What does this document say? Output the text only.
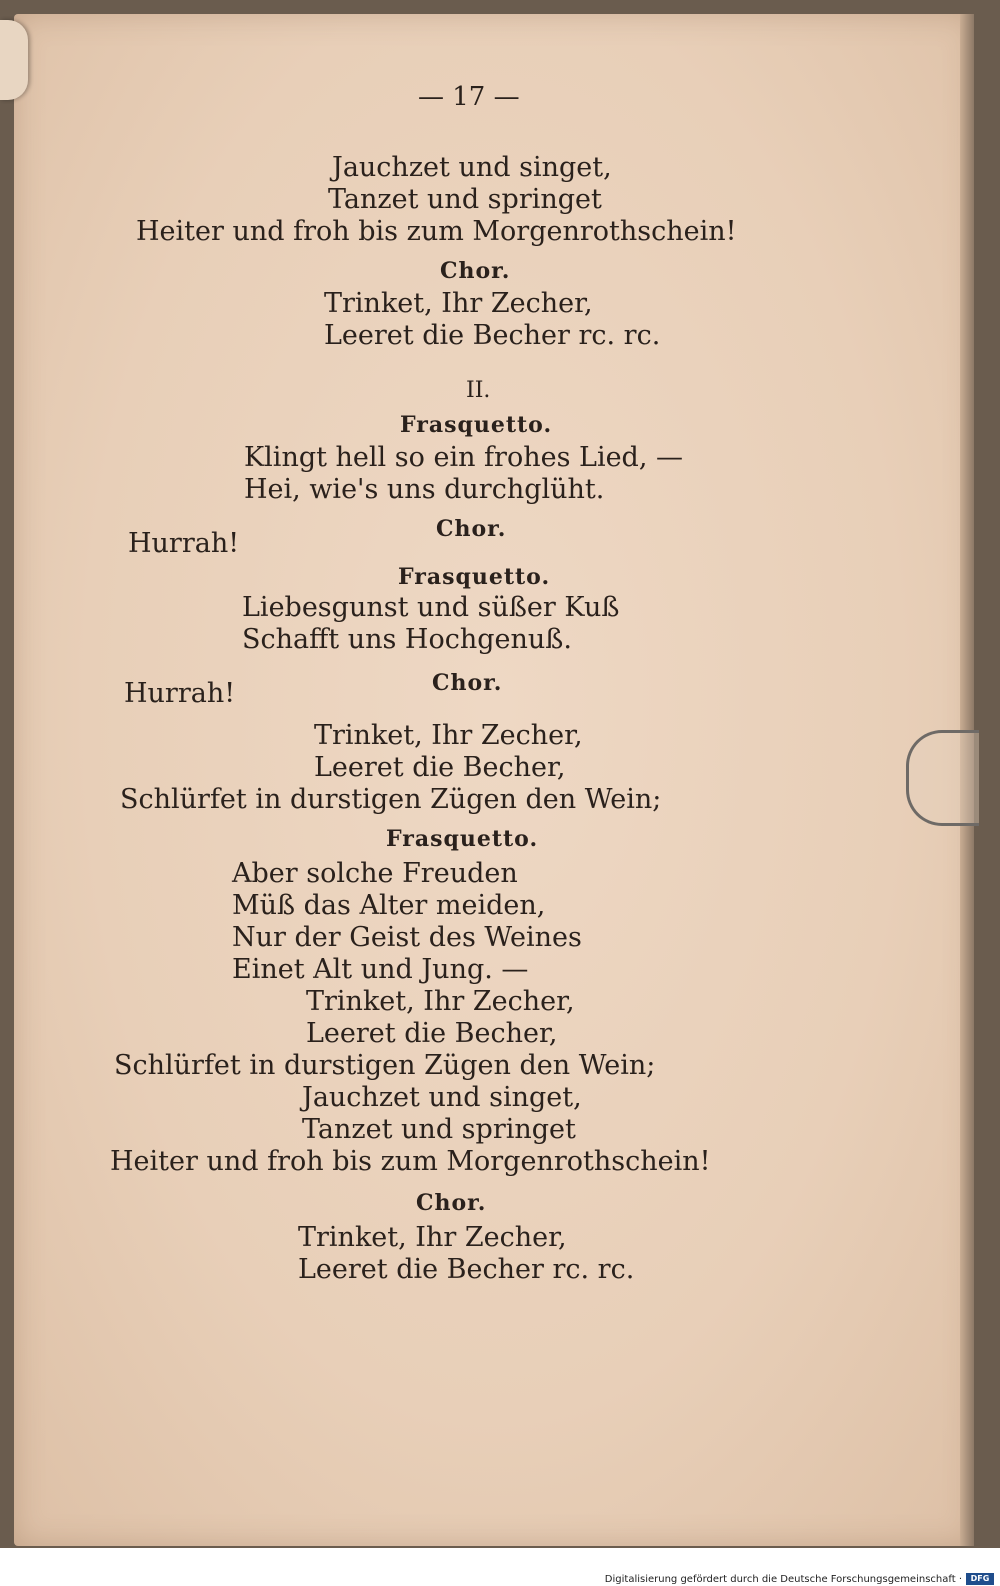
— 17 —
Jauchzet und singet,
Tanzet und springet
Heiter und froh bis zum Morgenrothschein!
Chor.
Trinket, Ihr Zecher,
Leeret die Becher rc. rc.
II.
Frasquetto.
Klingt hell so ein frohes Lied, —
Hei, wie's uns durchglüht.
Hurrah!	Chor.
Frasquetto.
Liebesgunst und süßer Kuß
Schafft uns Hochgenuß.
Hurrah!	Chor.
Trinket, Ihr Zecher,
Leeret die Becher,
Schlürfet in durstigen Zügen den Wein;
Frasquetto.
Aber solche Freuden
Müß das Alter meiden,
Nur der Geist des Weines
Einet Alt und Jung. —
Trinket, Ihr Zecher,
Leeret die Becher,
Schlürfet in durstigen Zügen den Wein;
Jauchzet und singet,
Tanzet und springet
Heiter und froh bis zum Morgenrothschein!
Chor.
Trinket, Ihr Zecher,
Leeret die Becher rc. rc.
Digitalisierung gefördert durch die Deutsche Forschungsgemeinschaft ·	DFG
